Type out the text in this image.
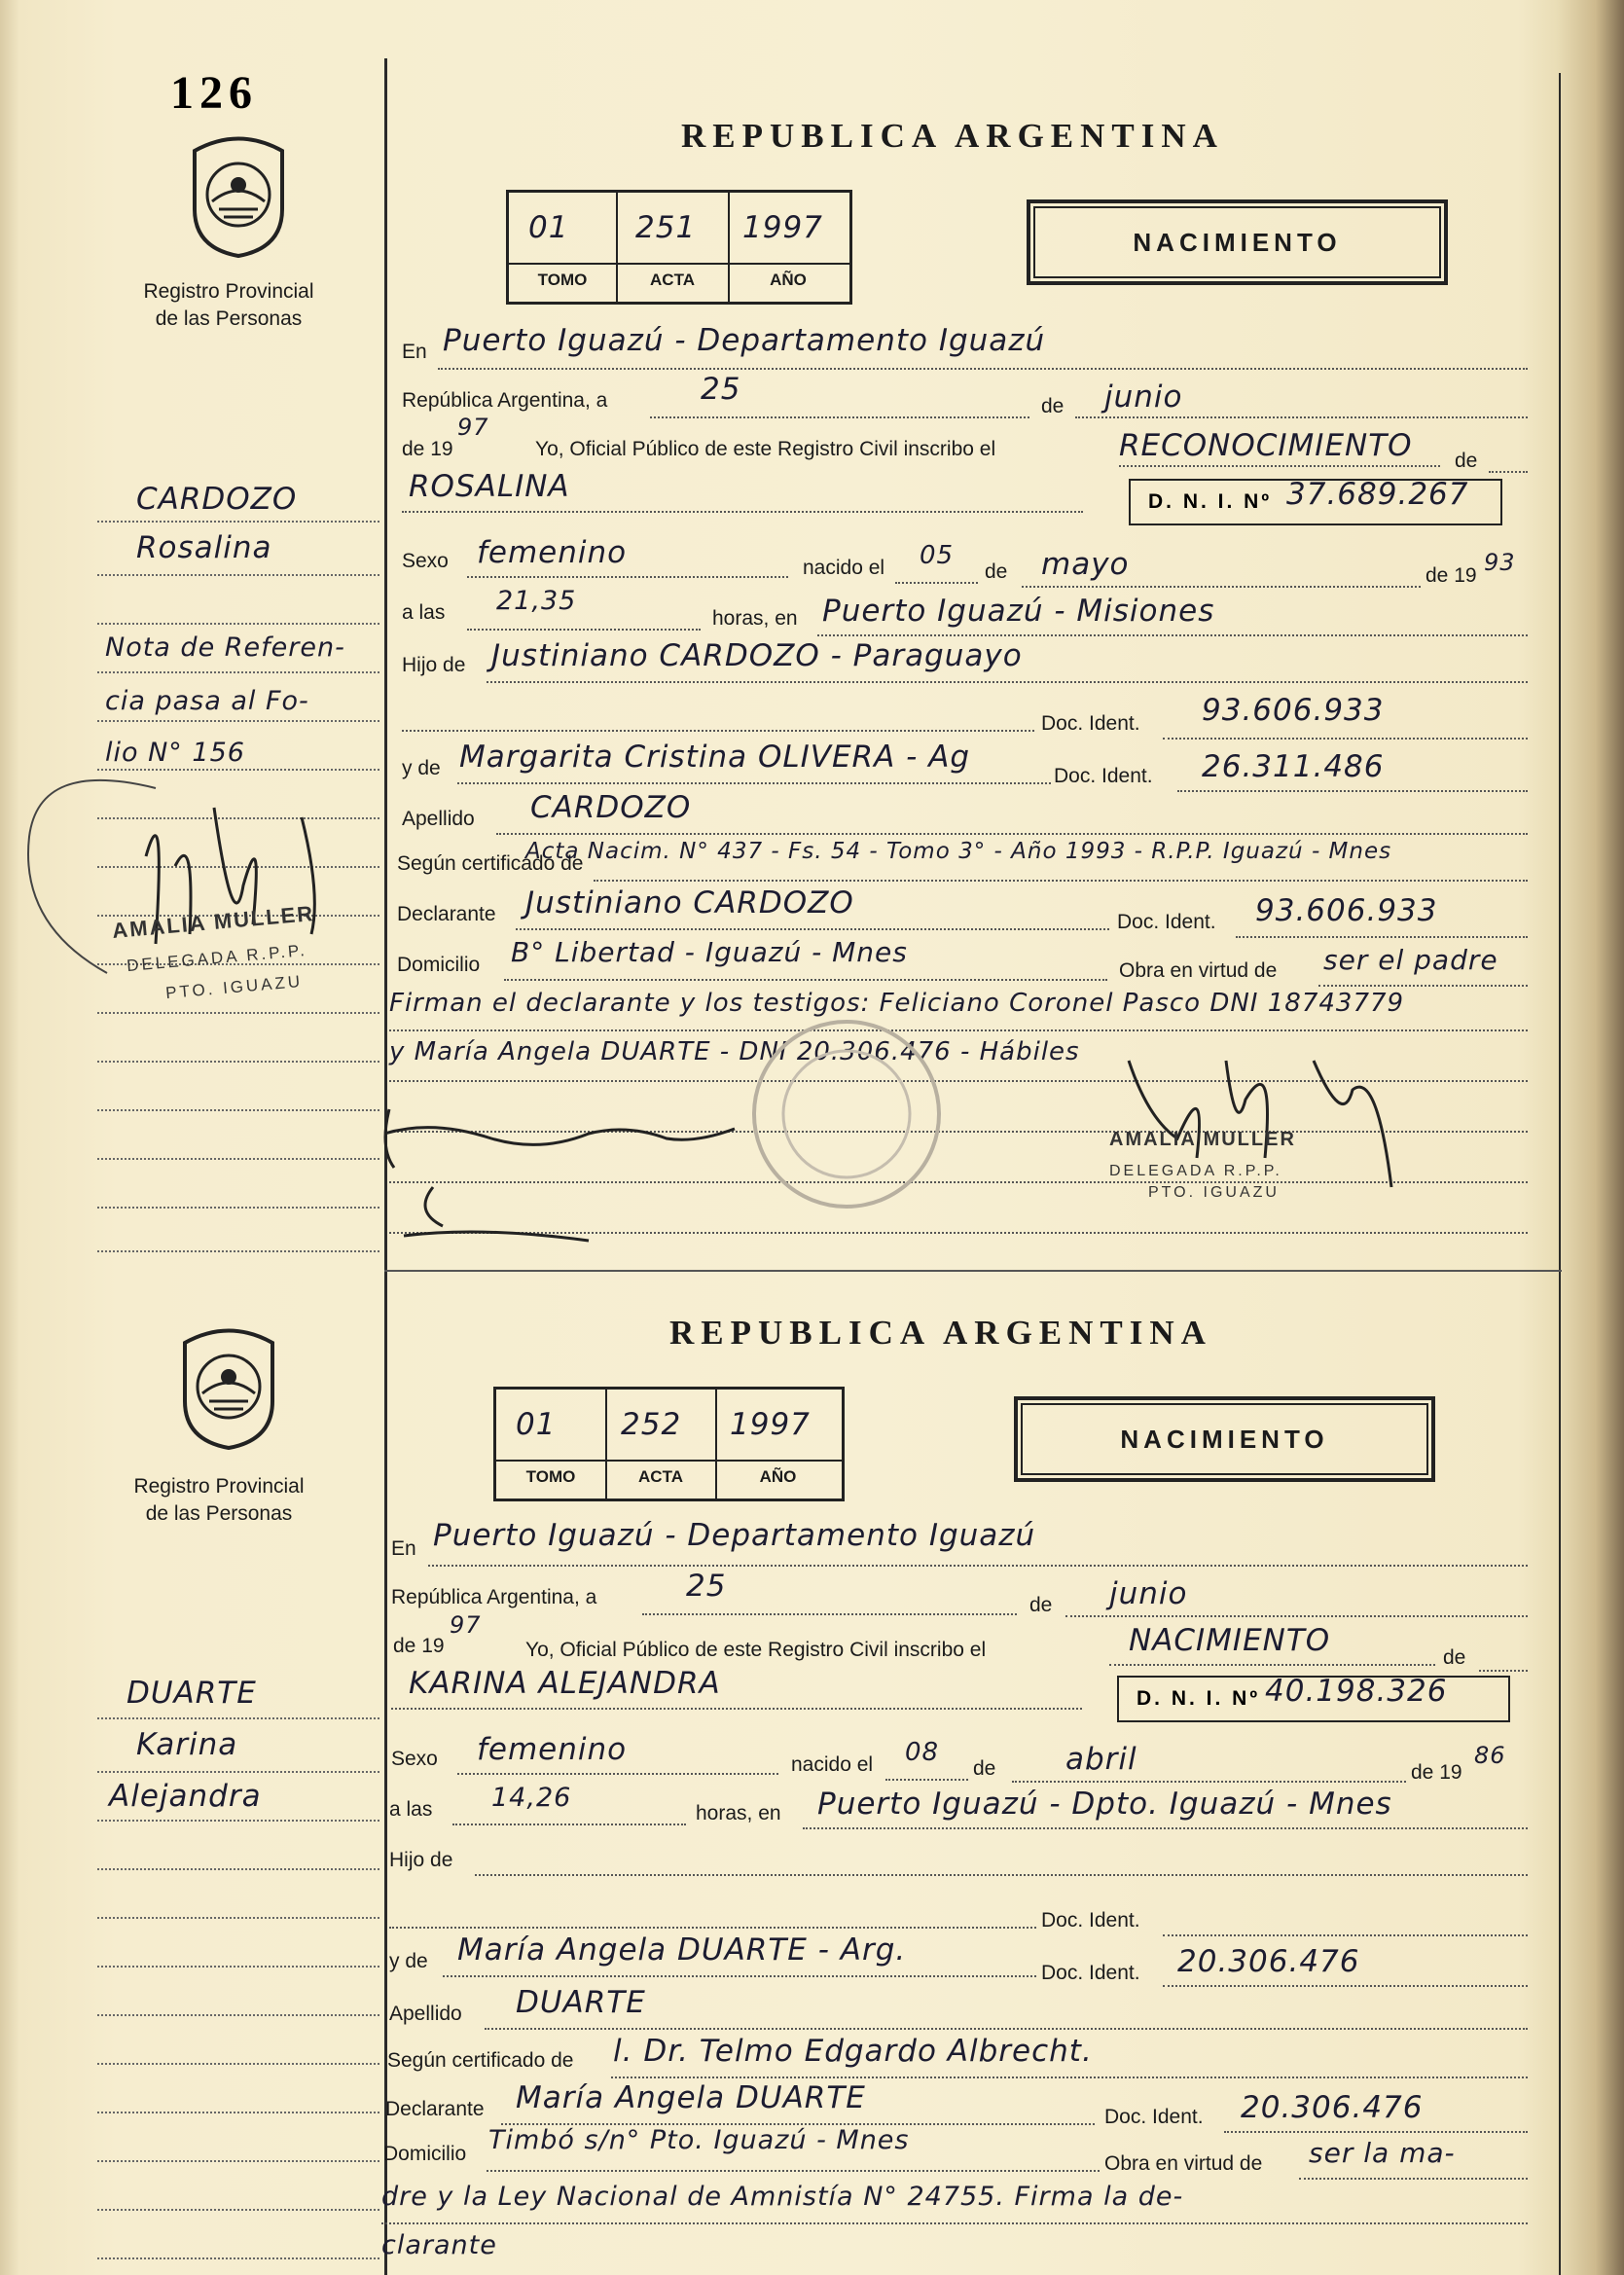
126
Registro Provincial
de las Personas
REPUBLICA ARGENTINA
01 251 1997
TOMO	ACTA	AÑO
NACIMIENTO
CARDOZO
Rosalina
Nota de Referen-
cia pasa al Fo-
lio N° 156
AMALIA MULLER
DELEGADA R.P.P.
PTO. IGUAZU
En Puerto Iguazú - Departamento Iguazú
República Argentina, a	25	de junio
de 19
97
Yo, Oficial Público de este Registro Civil inscribo el	RECONOCIMIENTO de
ROSALINA	D. N. I. Nº 37.689.267
Sexo femenino	nacido el 05
de mayo	de 19 93
a las 21,35
horas, en Puerto Iguazú - Misiones
Hijo de Justiniano CARDOZO - Paraguayo
Doc. Ident. 93.606.933
y de Margarita Cristina OLIVERA - Ag
Doc. Ident. 26.311.486
Apellido CARDOZO
Según certificado de
Acta Nacim. N° 437 - Fs. 54 - Tomo 3° - Año 1993 - R.P.P. Iguazú - Mnes
Declarante Justiniano CARDOZO
Doc. Ident. 93.606.933
Domicilio B° Libertad - Iguazú - Mnes
Obra en virtud de ser el padre
Firman el declarante y los testigos: Feliciano Coronel Pasco DNI 18743779
y María Angela DUARTE - DNI 20.306.476 - Hábiles
AMALIA MULLER
DELEGADA R.P.P.
PTO. IGUAZU
Registro Provincial
de las Personas
REPUBLICA ARGENTINA
01 252 1997
TOMO	ACTA	AÑO
NACIMIENTO
DUARTE
Karina
Alejandra
En Puerto Iguazú - Departamento Iguazú
República Argentina, a	25
de junio
de 19
97
Yo, Oficial Público de este Registro Civil inscribo el	NACIMIENTO	de
KARINA ALEJANDRA	D. N. I. Nº 40.198.326
Sexo femenino	nacido el 08
de abril	de 19
86
a las 14,26
horas, en Puerto Iguazú - Dpto. Iguazú - Mnes
Hijo de
Doc. Ident.
y de María Angela DUARTE - Arg.
Doc. Ident. 20.306.476
Apellido DUARTE
Según certificado de l. Dr. Telmo Edgardo Albrecht.
Declarante María Angela DUARTE
Doc. Ident. 20.306.476
Domicilio Timbó s/n° Pto. Iguazú - Mnes
Obra en virtud de ser la ma-
dre y la Ley Nacional de Amnistía N° 24755. Firma la de-
clarante
